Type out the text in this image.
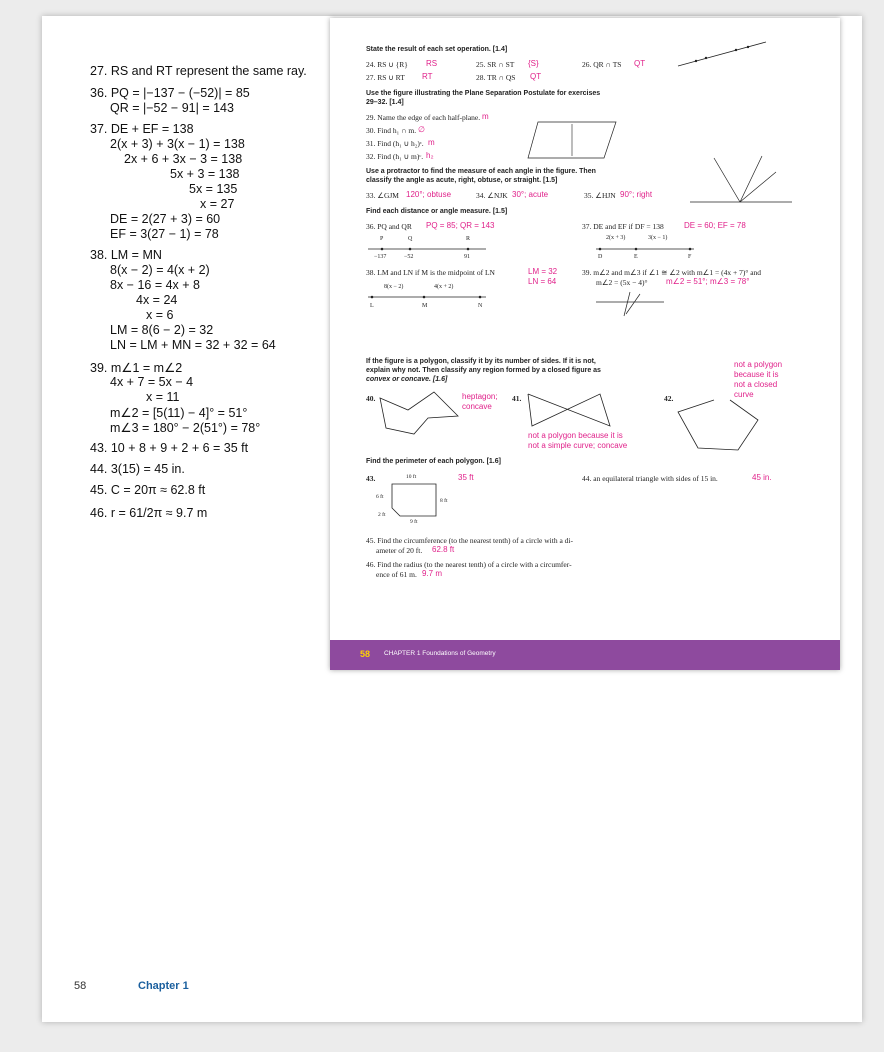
27. RS and RT represent the same ray.
36. PQ = |−137 − (−52)| = 85
QR = |−52 − 91| = 143
37. DE + EF = 138
2(x + 3) + 3(x − 1) = 138
2x + 6 + 3x − 3 = 138
5x + 3 = 138
5x = 135
x = 27
DE = 2(27 + 3) = 60
EF = 3(27 − 1) = 78
38. LM = MN
8(x − 2) = 4(x + 2)
8x − 16 = 4x + 8
4x = 24
x = 6
LM = 8(6 − 2) = 32
LN = LM + MN = 32 + 32 = 64
39. m∠1 = m∠2
4x + 7 = 5x − 4
x = 11
m∠2 = [5(11) − 4]° = 51°
m∠3 = 180° − 2(51°) = 78°
43. 10 + 8 + 9 + 2 + 6 = 35 ft
44. 3(15) = 45 in.
45. C = 20π ≈ 62.8 ft
46. r = 61/2π ≈ 9.7 m
State the result of each set operation. [1.4]
24. RS ∪ {R} RS	25. SR ∩ ST {S}	26. QR ∩ TS QT
27. RS ∪ RT RT	28. TR ∩ QS QT
Use the figure illustrating the Plane Separation Postulate for exercises
29–32. [1.4]
29. Name the edge of each half-plane. m
30. Find h₁ ∩ m. ∅
31. Find (h₁ ∪ h₂)ᶜ. m
32. Find (h₁ ∪ m)ᶜ. h₂
Use a protractor to find the measure of each angle in the figure. Then
classify the angle as acute, right, obtuse, or straight. [1.5]
33. ∠GJM 120°; obtuse	34. ∠NJK 30°; acute	35. ∠HJN 90°; right
Find each distance or angle measure. [1.5]
36. PQ and QR PQ = 85; QR = 143	37. DE and EF if DF = 138	DE = 60; EF = 78
P	Q	R
−137	−52	91
2(x + 3)	3(x − 1)
D	E	F
38. LM and LN if M is the midpoint of LN	LM = 32
LN = 64
39. m∠2 and m∠3 if ∠1 ≅ ∠2 with m∠1 = (4x + 7)° and
m∠2 = (5x − 4)° m∠2 = 51°; m∠3 = 78°
8(x − 2)	4(x + 2)
L	M	N
If the figure is a polygon, classify it by its number of sides. If it is not,
explain why not. Then classify any region formed by a closed figure as
convex or concave. [1.6]
not a polygon
because it is
not a closed
curve
40.	heptagon;
concave
41.
not a polygon because it is
not a simple curve; concave
42.
Find the perimeter of each polygon. [1.6]
43.	35 ft
10 ft
6 ft
8 ft
2 ft
9 ft
44. an equilateral triangle with sides of 15 in.	45 in.
45. Find the circumference (to the nearest tenth) of a circle with a di-
ameter of 20 ft. 62.8 ft
46. Find the radius (to the nearest tenth) of a circle with a circumfer-
ence of 61 m. 9.7 m
58 CHAPTER 1 Foundations of Geometry
58	Chapter 1
